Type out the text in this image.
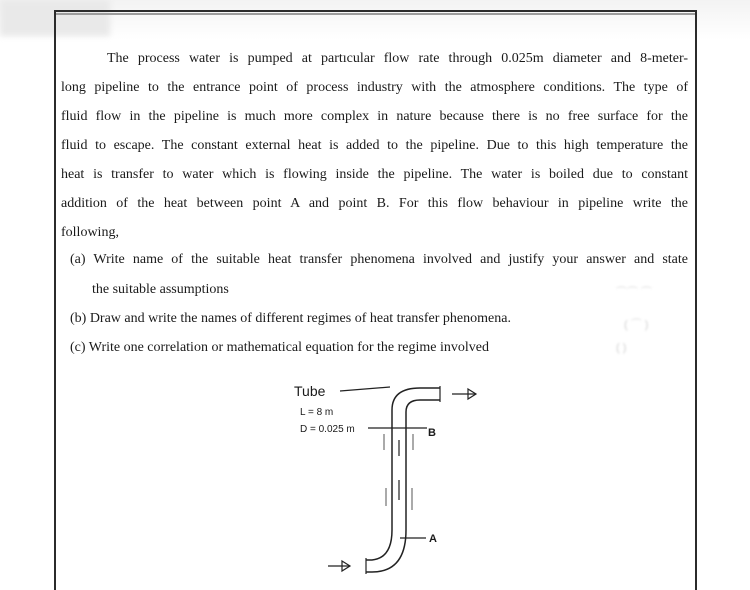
The process water is pumped at partıcular flow rate through 0.025m diameter and 8-meter-
long pipeline to the entrance point of process industry with the atmosphere conditions. The type of
fluid flow in the pipeline is much more complex in nature because there is no free surface for the
fluid to escape. The constant external heat is added to the pipeline. Due to this high temperature the
heat is transfer to water which is flowing inside the pipeline. The water is boiled due to constant
addition of the heat between point A and point B. For this flow behaviour in pipeline write the
following,
(a) Write name of the suitable heat transfer phenomena involved and justify your answer and state
the suitable assumptions
(b) Draw and write the names of different regimes of heat transfer phenomena.
(c) Write one correlation or mathematical equation for the regime involved
⌒⌒ ⌒
( ⌒ )
( )
Tube
L = 8 m
D = 0.025 m	B
A
